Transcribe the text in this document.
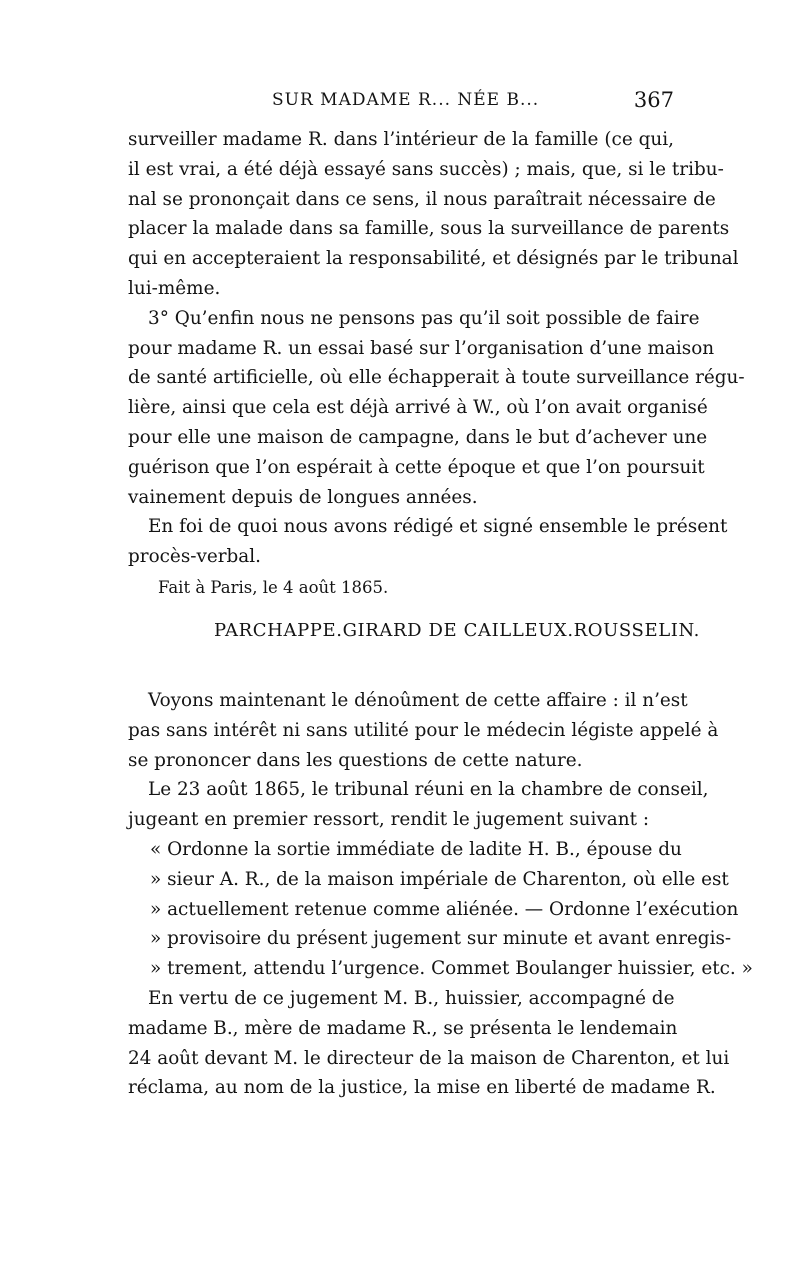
SUR MADAME R... NÉE B...	367
surveiller madame R. dans l’intérieur de la famille (ce qui,
il est vrai, a été déjà essayé sans succès) ; mais, que, si le tribu-
nal se prononçait dans ce sens, il nous paraîtrait nécessaire de
placer la malade dans sa famille, sous la surveillance de parents
qui en accepteraient la responsabilité, et désignés par le tribunal
lui-même.
3° Qu’enfin nous ne pensons pas qu’il soit possible de faire
pour madame R. un essai basé sur l’organisation d’une maison
de santé artificielle, où elle échapperait à toute surveillance régu-
lière, ainsi que cela est déjà arrivé à W., où l’on avait organisé
pour elle une maison de campagne, dans le but d’achever une
guérison que l’on espérait à cette époque et que l’on poursuit
vainement depuis de longues années.
En foi de quoi nous avons rédigé et signé ensemble le présent
procès-verbal.
Fait à Paris, le 4 août 1865.
PARCHAPPE. GIRARD DE CAILLEUX. ROUSSELIN.
Voyons maintenant le dénoûment de cette affaire : il n’est
pas sans intérêt ni sans utilité pour le médecin légiste appelé à
se prononcer dans les questions de cette nature.
Le 23 août 1865, le tribunal réuni en la chambre de conseil,
jugeant en premier ressort, rendit le jugement suivant :
« Ordonne la sortie immédiate de ladite H. B., épouse du
» sieur A. R., de la maison impériale de Charenton, où elle est
» actuellement retenue comme aliénée. — Ordonne l’exécution
» provisoire du présent jugement sur minute et avant enregis-
» trement, attendu l’urgence. Commet Boulanger huissier, etc. »
En vertu de ce jugement M. B., huissier, accompagné de
madame B., mère de madame R., se présenta le lendemain
24 août devant M. le directeur de la maison de Charenton, et lui
réclama, au nom de la justice, la mise en liberté de madame R.
